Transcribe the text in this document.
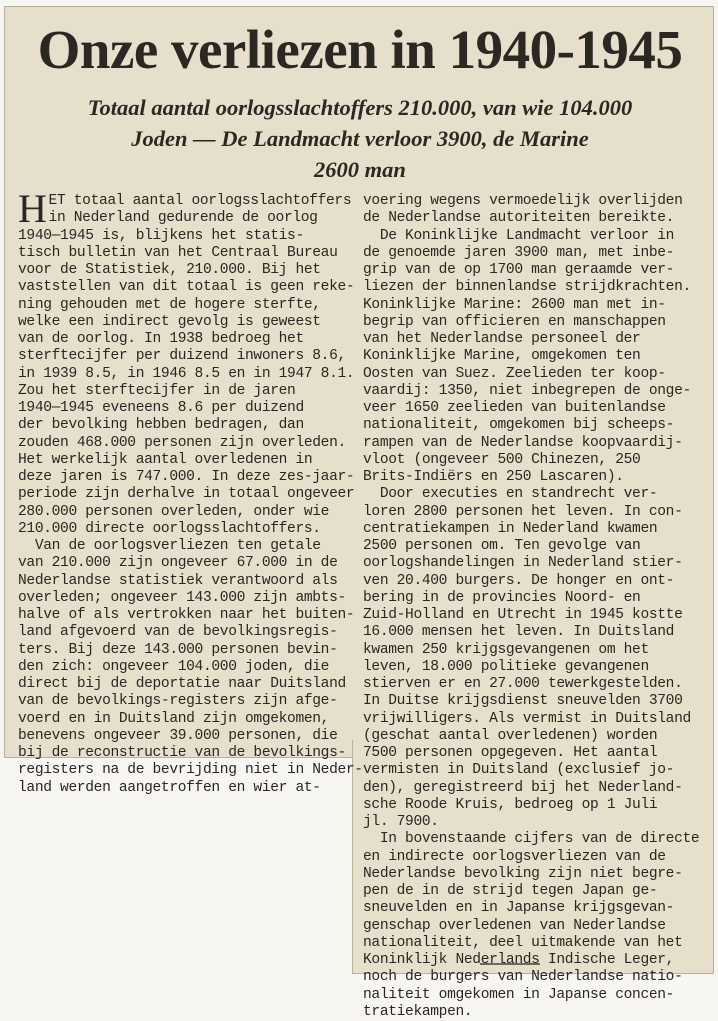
Onze verliezen in 1940-1945
Totaal aantal oorlogsslachtoffers 210.000, van wie 104.000
Joden — De Landmacht verloor 3900, de Marine
2600 man
H ET totaal aantal oorlogsslachtoffers
in Nederland gedurende de oorlog
1940—1945 is, blijkens het statis-
tisch bulletin van het Centraal Bureau
voor de Statistiek, 210.000. Bij het
vaststellen van dit totaal is geen reke-
ning gehouden met de hogere sterfte,
welke een indirect gevolg is geweest
van de oorlog. In 1938 bedroeg het
sterftecijfer per duizend inwoners 8.6,
in 1939 8.5, in 1946 8.5 en in 1947 8.1.
Zou het sterftecijfer in de jaren
1940—1945 eveneens 8.6 per duizend
der bevolking hebben bedragen, dan
zouden 468.000 personen zijn overleden.
Het werkelijk aantal overledenen in
deze jaren is 747.000. In deze zes-jaar-
periode zijn derhalve in totaal ongeveer
280.000 personen overleden, onder wie
210.000 directe oorlogsslachtoffers.
Van de oorlogsverliezen ten getale
van 210.000 zijn ongeveer 67.000 in de
Nederlandse statistiek verantwoord als
overleden; ongeveer 143.000 zijn ambts-
halve of als vertrokken naar het buiten-
land afgevoerd van de bevolkingsregis-
ters. Bij deze 143.000 personen bevin-
den zich: ongeveer 104.000 joden, die
direct bij de deportatie naar Duitsland
van de bevolkings-registers zijn afge-
voerd en in Duitsland zijn omgekomen,
benevens ongeveer 39.000 personen, die
bij de reconstructie van de bevolkings-
registers na de bevrijding niet in Neder-
land werden aangetroffen en wier at-
voering wegens vermoedelijk overlijden
de Nederlandse autoriteiten bereikte.
De Koninklijke Landmacht verloor in
de genoemde jaren 3900 man, met inbe-
grip van de op 1700 man geraamde ver-
liezen der binnenlandse strijdkrachten.
Koninklijke Marine: 2600 man met in-
begrip van officieren en manschappen
van het Nederlandse personeel der
Koninklijke Marine, omgekomen ten
Oosten van Suez. Zeelieden ter koop-
vaardij: 1350, niet inbegrepen de onge-
veer 1650 zeelieden van buitenlandse
nationaliteit, omgekomen bij scheeps-
rampen van de Nederlandse koopvaardij-
vloot (ongeveer 500 Chinezen, 250
Brits-Indiërs en 250 Lascaren).
Door executies en standrecht ver-
loren 2800 personen het leven. In con-
centratiekampen in Nederland kwamen
2500 personen om. Ten gevolge van
oorlogshandelingen in Nederland stier-
ven 20.400 burgers. De honger en ont-
bering in de provincies Noord- en
Zuid-Holland en Utrecht in 1945 kostte
16.000 mensen het leven. In Duitsland
kwamen 250 krijgsgevangenen om het
leven, 18.000 politieke gevangenen
stierven er en 27.000 tewerkgestelden.
In Duitse krijgsdienst sneuvelden 3700
vrijwilligers. Als vermist in Duitsland
(geschat aantal overledenen) worden
7500 personen opgegeven. Het aantal
vermisten in Duitsland (exclusief jo-
den), geregistreerd bij het Nederland-
sche Roode Kruis, bedroeg op 1 Juli
jl. 7900.
In bovenstaande cijfers van de directe
en indirecte oorlogsverliezen van de
Nederlandse bevolking zijn niet begre-
pen de in de strijd tegen Japan ge-
sneuvelden en in Japanse krijgsgevan-
genschap overledenen van Nederlandse
nationaliteit, deel uitmakende van het
Koninklijk Nederlands Indische Leger,
noch de burgers van Nederlandse natio-
naliteit omgekomen in Japanse concen-
tratiekampen.
